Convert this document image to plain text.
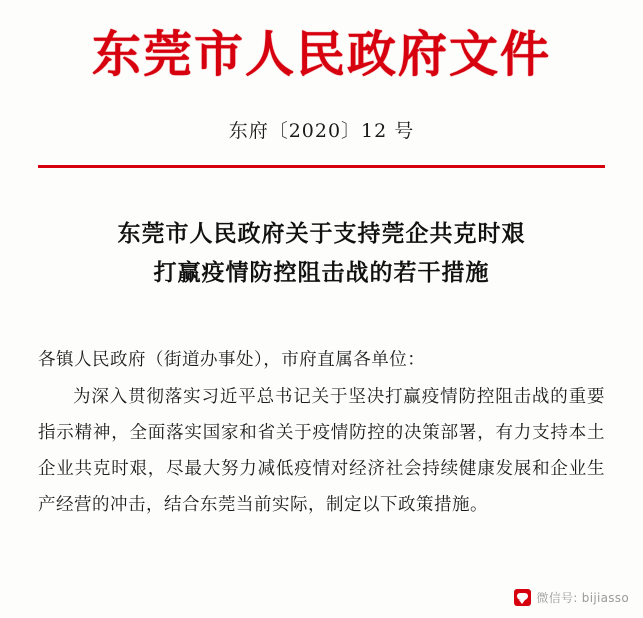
东莞市人民政府文件
东府〔2020〕12 号
东莞市人民政府关于支持莞企共克时艰
打赢疫情防控阻击战的若干措施

各镇人民政府（街道办事处），市府直属各单位：

为深入贯彻落实习近平总书记关于坚决打赢疫情防控阻击战的重要指示精神，全面落实国家和省关于疫情防控的决策部署，有力支持本土企业共克时艰，尽最大努力减低疫情对经济社会持续健康发展和企业生产经营的冲击，结合东莞当前实际，制定以下政策措施。

微信号: bijiasso
